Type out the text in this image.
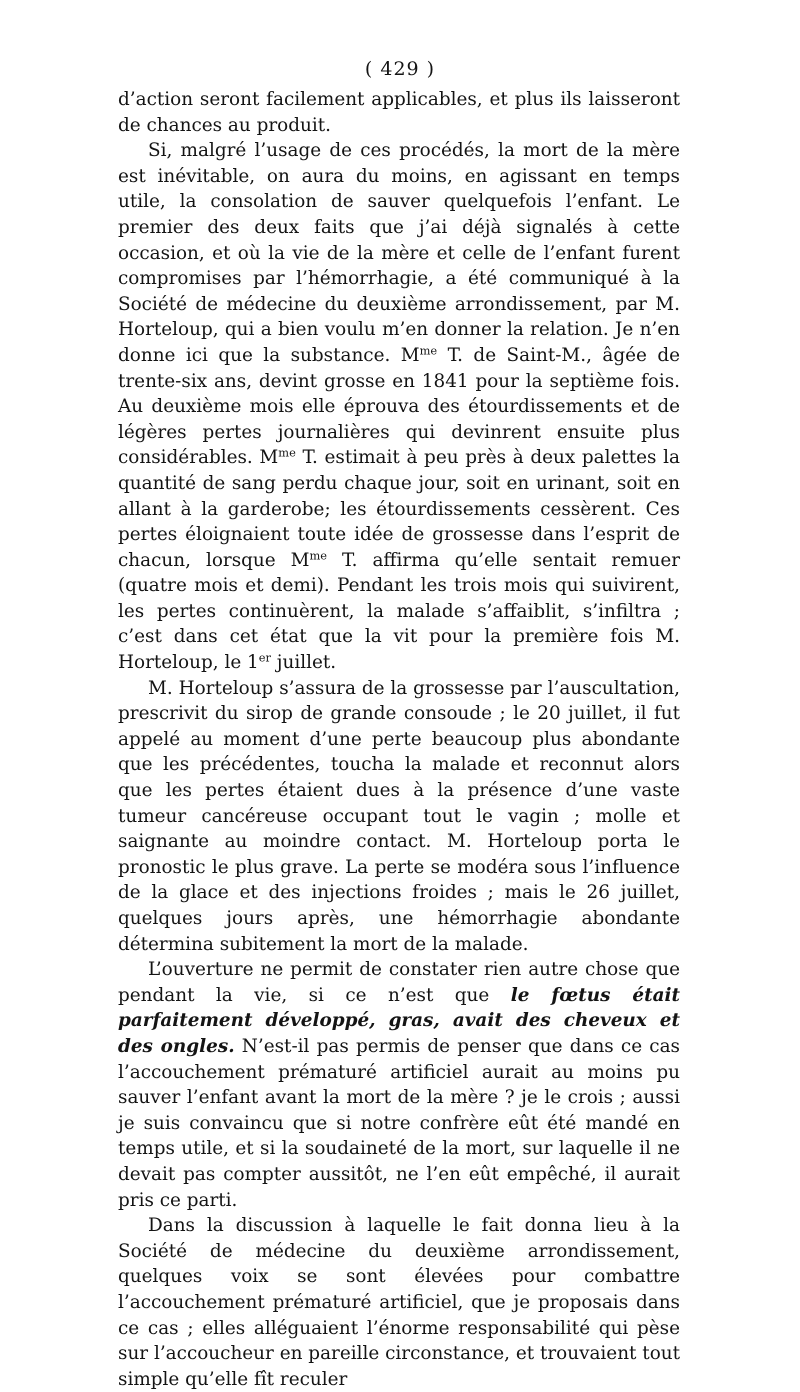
( 429 )

d’action seront facilement applicables, et plus ils laisseront de chances au produit.

Si, malgré l’usage de ces procédés, la mort de la mère est inévitable, on aura du moins, en agissant en temps utile, la consolation de sauver quelquefois l’enfant. Le premier des deux faits que j’ai déjà signalés à cette occasion, et où la vie de la mère et celle de l’enfant furent compromises par l’hémorrhagie, a été communiqué à la Société de médecine du deuxième arrondissement, par M. Horteloup, qui a bien voulu m’en donner la relation. Je n’en donne ici que la substance. $M^{me}$ T. de Saint-M., âgée de trente-six ans, devint grosse en 1841 pour la septième fois. Au deuxième mois elle éprouva des étourdissements et de légères pertes journalières qui devinrent ensuite plus considérables. $M^{me}$ T. estimait à peu près à deux palettes la quantité de sang perdu chaque jour, soit en urinant, soit en allant à la garderobe; les étourdissements cessèrent. Ces pertes éloignaient toute idée de grossesse dans l’esprit de chacun, lorsque $M^{me}$ T. affirma qu’elle sentait remuer (quatre mois et demi). Pendant les trois mois qui suivirent, les pertes continuèrent, la malade s’affaiblit, s’infiltra ; c’est dans cet état que la vit pour la première fois M. Horteloup, le 1er juillet.

M. Horteloup s’assura de la grossesse par l’auscultation, prescrivit du sirop de grande consoude ; le 20 juillet, il fut appelé au moment d’une perte beaucoup plus abondante que les précédentes, toucha la malade et reconnut alors que les pertes étaient dues à la présence d’une vaste tumeur cancéreuse occupant tout le vagin ; molle et saignante au moindre contact. M. Horteloup porta le pronostic le plus grave. La perte se modéra sous l’influence de la glace et des injections froides ; mais le 26 juillet, quelques jours après, une hémorrhagie abondante détermina subitement la mort de la malade.

L’ouverture ne permit de constater rien autre chose que pendant la vie, si ce n’est que le fœtus était parfaitement développé, gras, avait des cheveux et des ongles. N’est-il pas permis de penser que dans ce cas l’accouchement prématuré artificiel aurait au moins pu sauver l’enfant avant la mort de la mère ? je le crois ; aussi je suis convaincu que si notre confrère eût été mandé en temps utile, et si la soudaineté de la mort, sur laquelle il ne devait pas compter aussitôt, ne l’en eût empêché, il aurait pris ce parti.

Dans la discussion à laquelle le fait donna lieu à la Société de médecine du deuxième arrondissement, quelques voix se sont élevées pour combattre l’accouchement prématuré artificiel, que je proposais dans ce cas ; elles alléguaient l’énorme responsabilité qui pèse sur l’accoucheur en pareille circonstance, et trouvaient tout simple qu’elle fît reculer
